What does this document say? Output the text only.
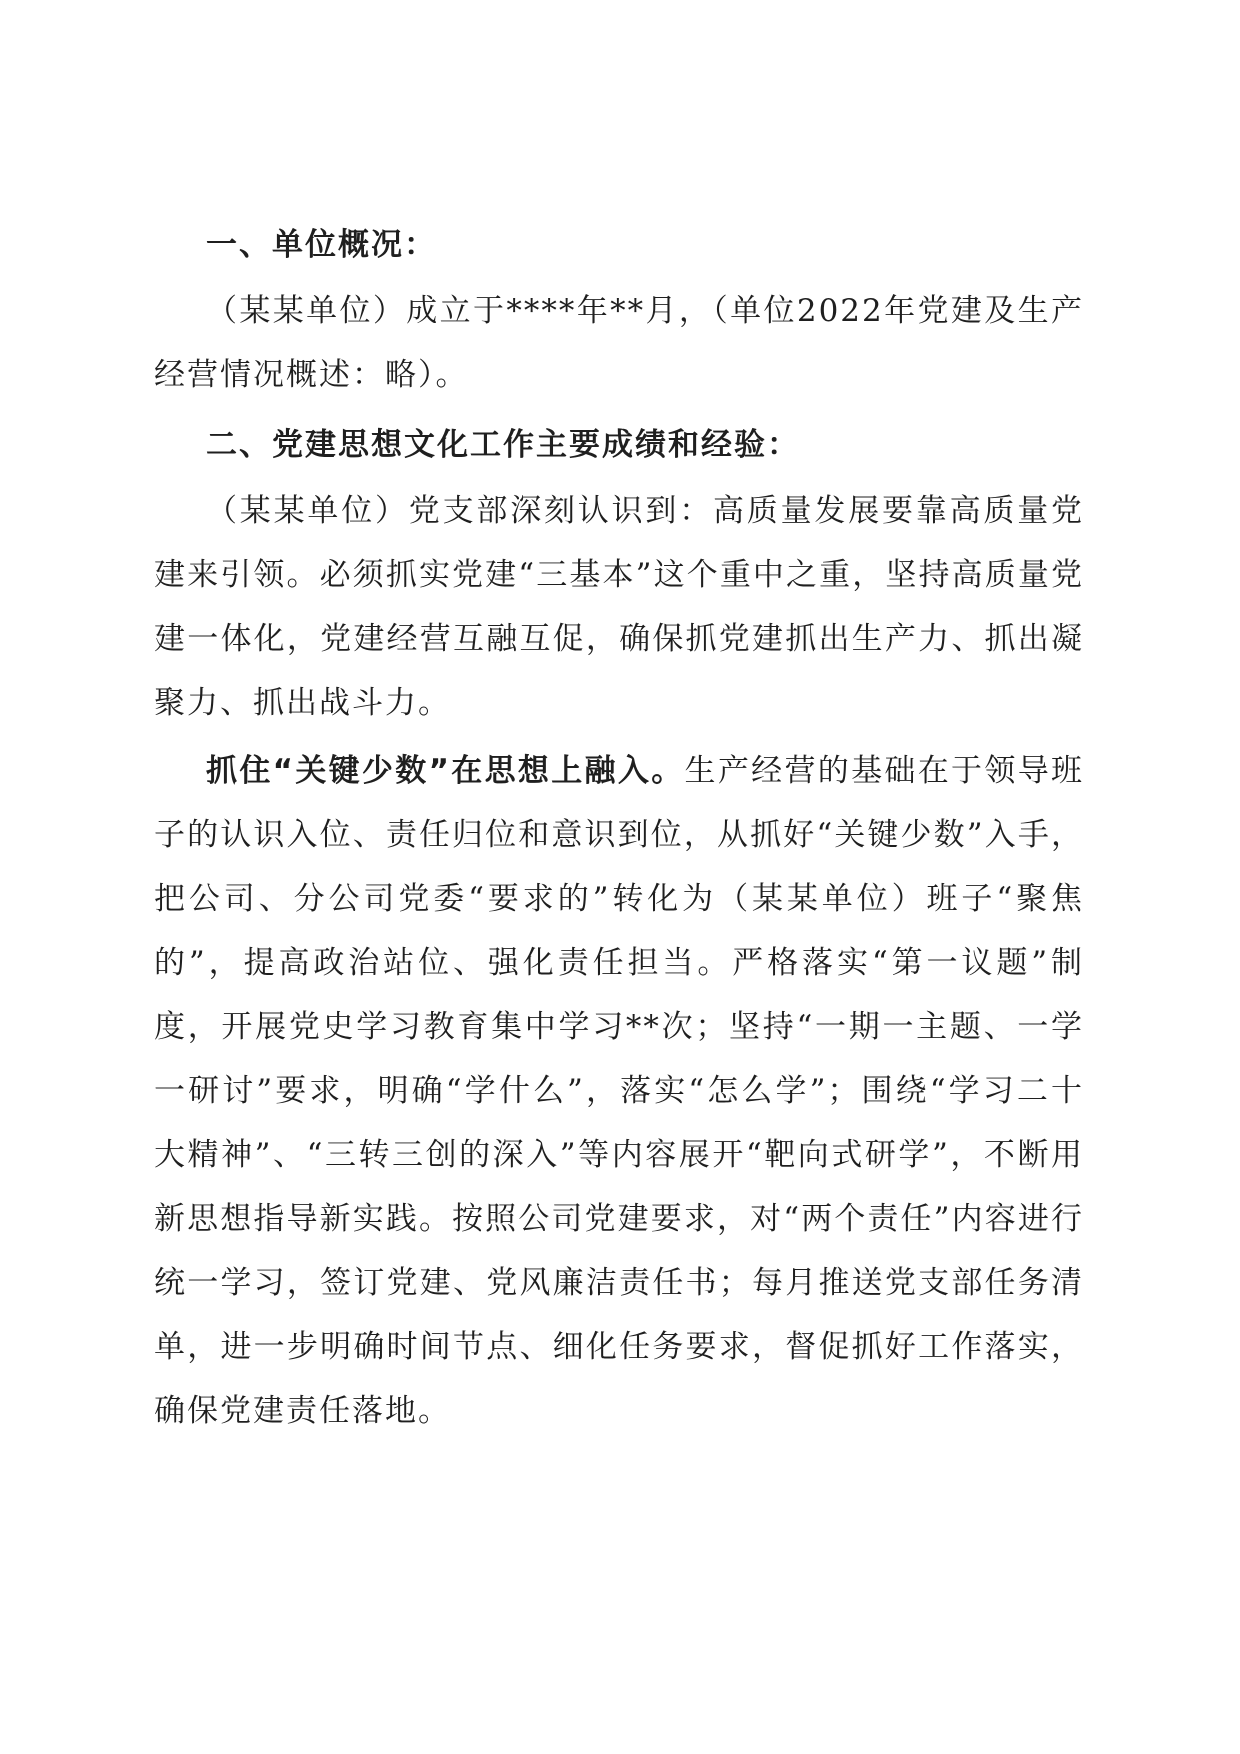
一、单位概况：

（某某单位）成立于****年**月，（单位2022年党建及生产经营情况概述：略）。

二、党建思想文化工作主要成绩和经验：

（某某单位）党支部深刻认识到：高质量发展要靠高质量党建来引领。必须抓实党建“三基本”这个重中之重，坚持高质量党建一体化，党建经营互融互促，确保抓党建抓出生产力、抓出凝聚力、抓出战斗力。

抓住“关键少数”在思想上融入。生产经营的基础在于领导班子的认识入位、责任归位和意识到位，从抓好“关键少数”入手，把公司、分公司党委“要求的”转化为（某某单位）班子“聚焦的”，提高政治站位、强化责任担当。严格落实“第一议题”制度，开展党史学习教育集中学习**次；坚持“一期一主题、一学一研讨”要求，明确“学什么”，落实“怎么学”；围绕“学习二十大精神”、“三转三创的深入”等内容展开“靶向式研学”，不断用新思想指导新实践。按照公司党建要求，对“两个责任”内容进行统一学习，签订党建、党风廉洁责任书；每月推送党支部任务清单，进一步明确时间节点、细化任务要求，督促抓好工作落实，确保党建责任落地。
